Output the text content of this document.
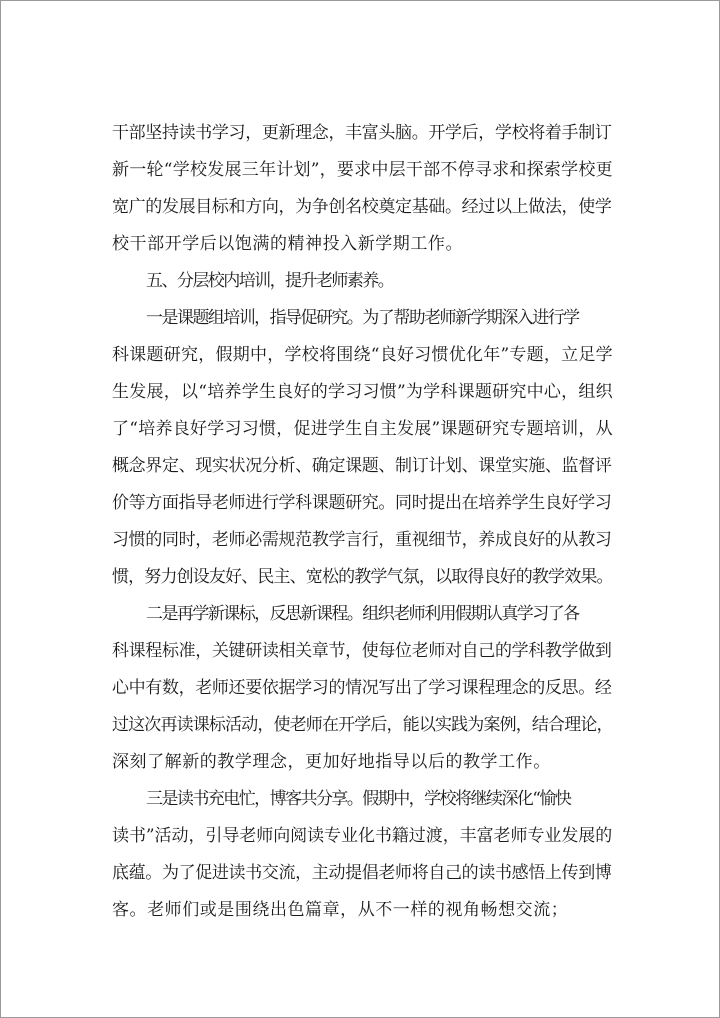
干部坚持读书学习，更新理念，丰富头脑。开学后，学校将着手制订
新一轮“学校发展三年计划”，要求中层干部不停寻求和探索学校更
宽广的发展目标和方向，为争创名校奠定基础。经过以上做法，使学
校干部开学后以饱满的精神投入新学期工作。

五、分层校内培训，提升老师素养。

一是课题组培训，指导促研究。为了帮助老师新学期深入进行学
科课题研究，假期中，学校将围绕“良好习惯优化年”专题，立足学
生发展，以“培养学生良好的学习习惯”为学科课题研究中心，组织
了“培养良好学习习惯，促进学生自主发展”课题研究专题培训，从
概念界定、现实状况分析、确定课题、制订计划、课堂实施、监督评
价等方面指导老师进行学科课题研究。同时提出在培养学生良好学习
习惯的同时，老师必需规范教学言行，重视细节，养成良好的从教习
惯，努力创设友好、民主、宽松的教学气氛，以取得良好的教学效果。

二是再学新课标，反思新课程。组织老师利用假期认真学习了各
科课程标准，关键研读相关章节，使每位老师对自己的学科教学做到
心中有数，老师还要依据学习的情况写出了学习课程理念的反思。经
过这次再读课标活动，使老师在开学后，能以实践为案例，结合理论，
深刻了解新的教学理念，更加好地指导以后的教学工作。

三是读书充电忙，博客共分享。假期中，学校将继续深化“愉快
读书”活动，引导老师向阅读专业化书籍过渡，丰富老师专业发展的
底蕴。为了促进读书交流，主动提倡老师将自己的读书感悟上传到博
客。老师们或是围绕出色篇章，从不一样的视角畅想交流；
